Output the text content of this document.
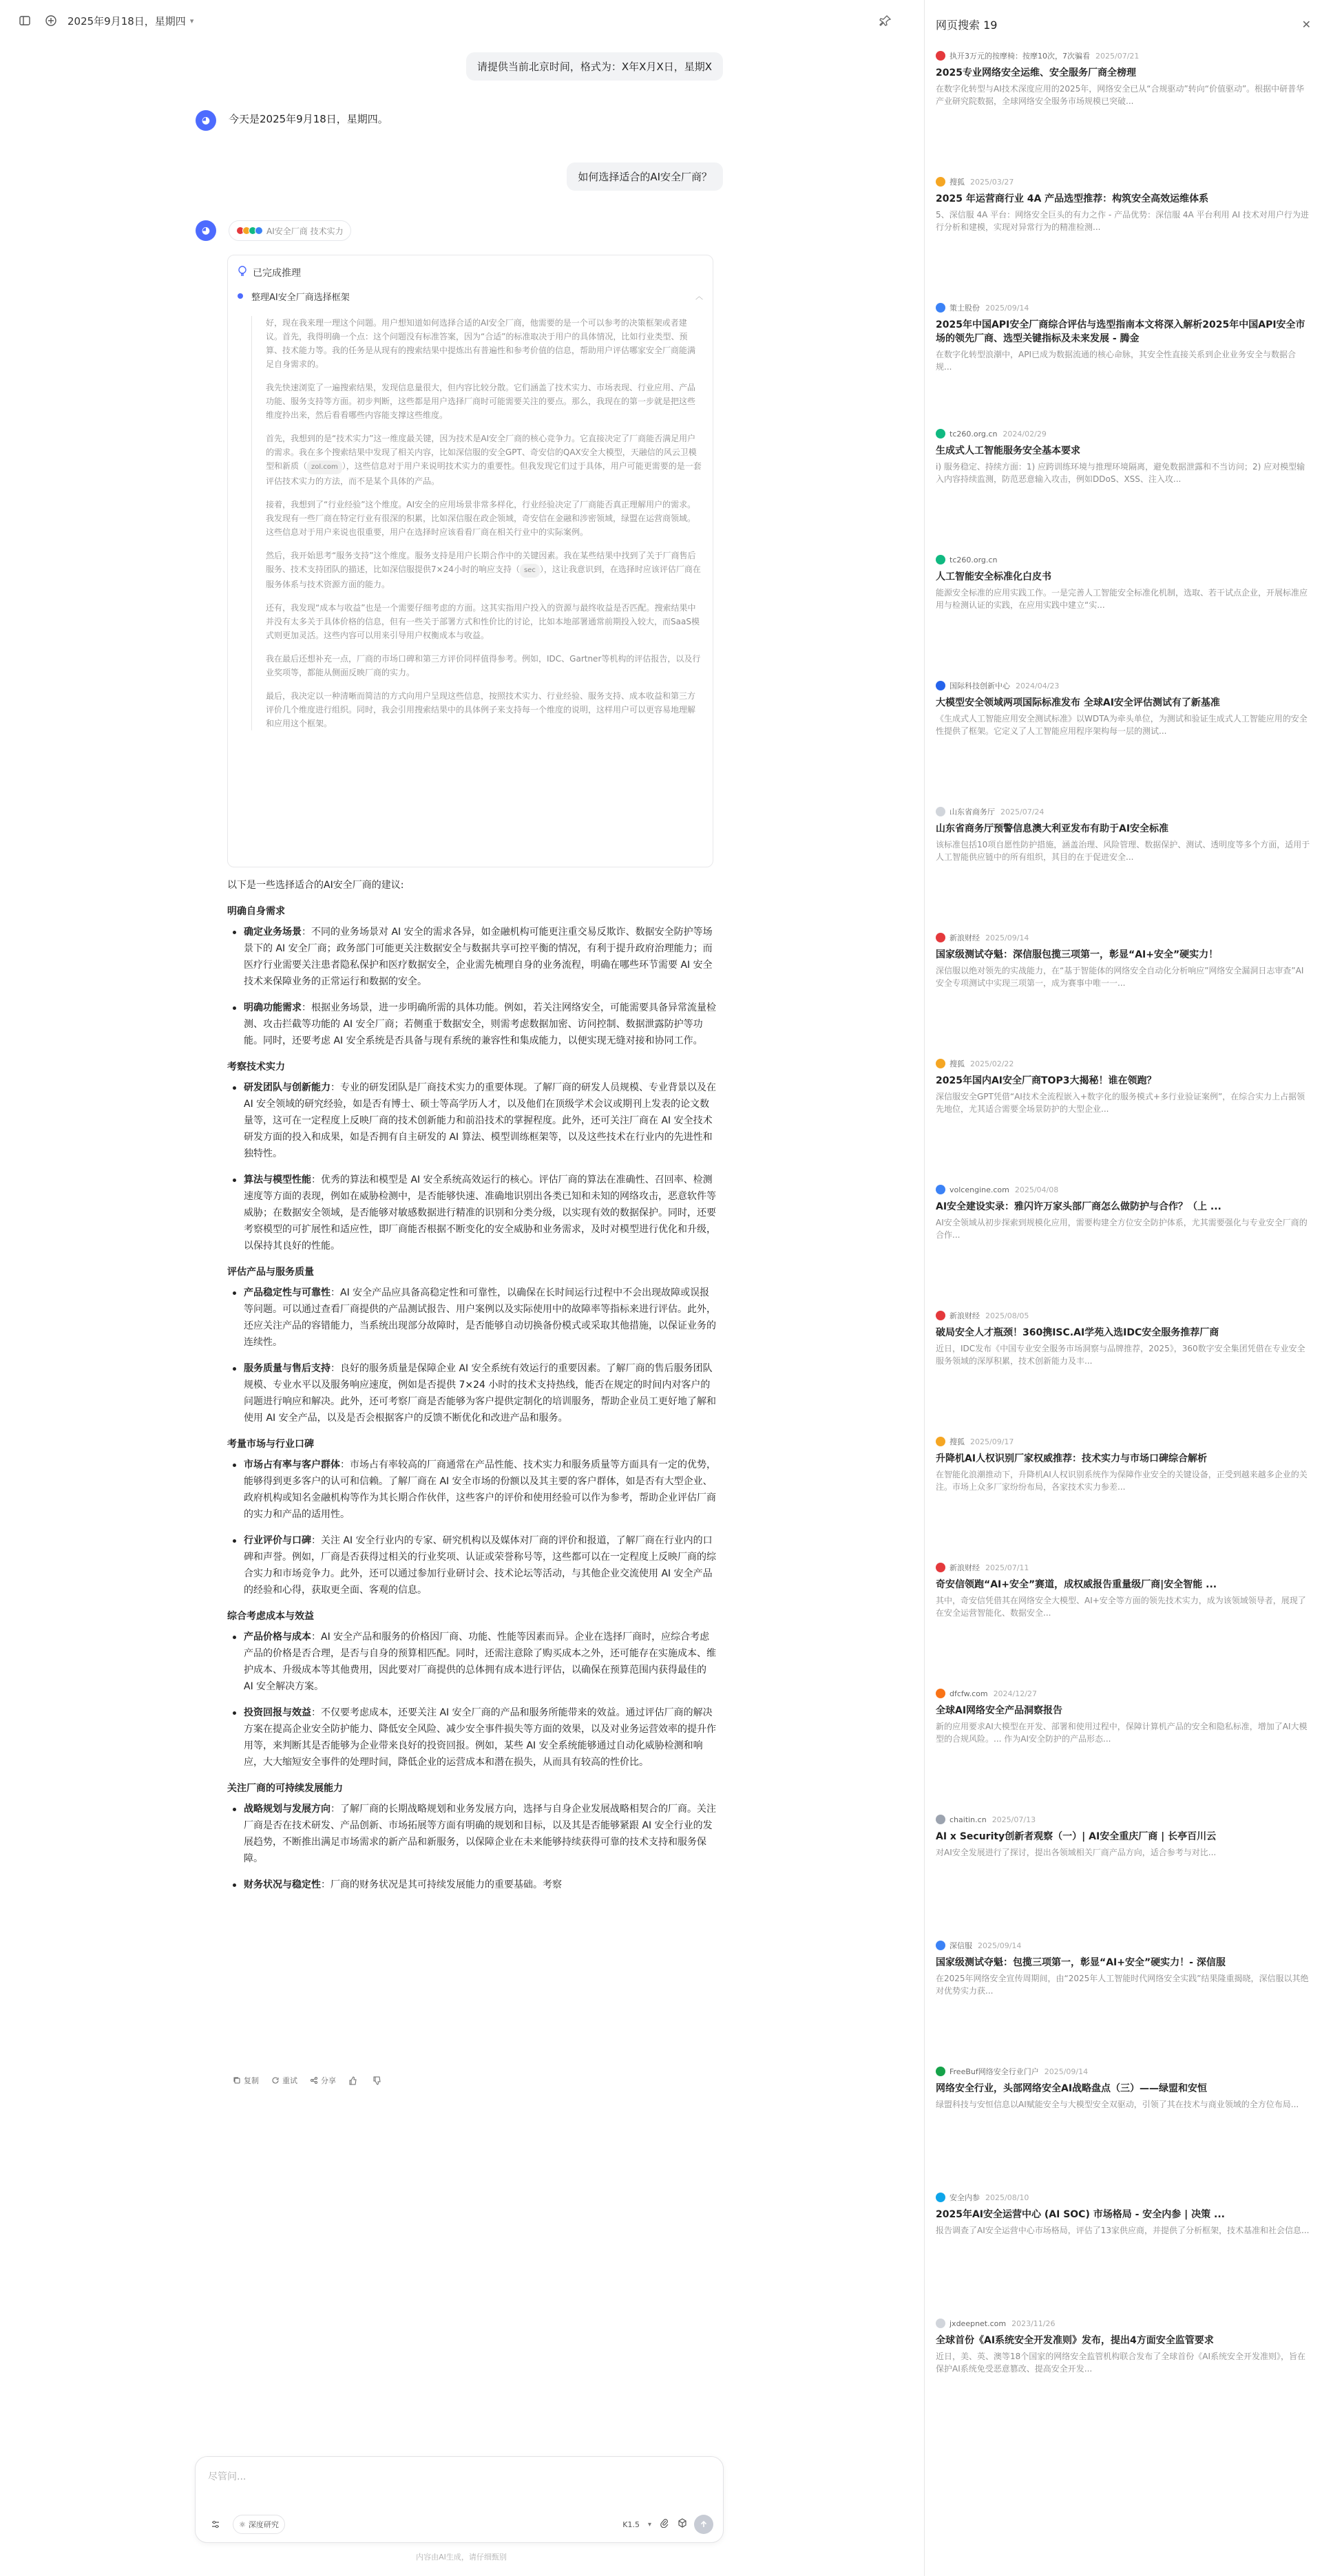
2025年9月18日，星期四 ▾
请提供当前北京时间，格式为：X年X月X日，星期X
◕	今天是2025年9月18日，星期四。
如何选择适合的AI安全厂商？
◕	AI安全厂商 技术实力
已完成推理
整理AI安全厂商选择框架	︿

好，现在我来理一理这个问题。用户想知道如何选择合适的AI安全厂商，他需要的是一个可以参考的决策框架或者建议。首先，我得明确一个点：这个问题没有标准答案，因为“合适”的标准取决于用户的具体情况，比如行业类型、预算、技术能力等。我的任务是从现有的搜索结果中提炼出有普遍性和参考价值的信息，帮助用户评估哪家安全厂商能满足自身需求的。

我先快速浏览了一遍搜索结果，发现信息量很大，但内容比较分散。它们涵盖了技术实力、市场表现、行业应用、产品功能、服务支持等方面。初步判断，这些都是用户选择厂商时可能需要关注的要点。那么，我现在的第一步就是把这些维度拎出来，然后看看哪些内容能支撑这些维度。

首先，我想到的是“技术实力”这一维度最关键，因为技术是AI安全厂商的核心竞争力。它直接决定了厂商能否满足用户的需求。我在多个搜索结果中发现了相关内容，比如深信服的安全GPT、奇安信的QAX安全大模型，天融信的风云卫模型和新质（ zol.com ），这些信息对于用户来说明技术实力的重要性。但我发现它们过于具体，用户可能更需要的是一套评估技术实力的方法，而不是某个具体的产品。

接着，我想到了“行业经验”这个维度。AI安全的应用场景非常多样化，行业经验决定了厂商能否真正理解用户的需求。我发现有一些厂商在特定行业有很深的积累，比如深信服在政企领域，奇安信在金融和涉密领域，绿盟在运营商领域。这些信息对于用户来说也很重要，用户在选择时应该看看厂商在相关行业中的实际案例。

然后，我开始思考“服务支持”这个维度。服务支持是用户长期合作中的关键因素。我在某些结果中找到了关于厂商售后服务、技术支持团队的描述，比如深信服提供7×24小时的响应支持（ sec ），这让我意识到，在选择时应该评估厂商在服务体系与技术资源方面的能力。

还有，我发现“成本与收益”也是一个需要仔细考虑的方面。这其实指用户投入的资源与最终收益是否匹配。搜索结果中并没有太多关于具体价格的信息，但有一些关于部署方式和性价比的讨论，比如本地部署通常前期投入较大，而SaaS模式则更加灵活。这些内容可以用来引导用户权衡成本与收益。

我在最后还想补充一点，厂商的市场口碑和第三方评价同样值得参考。例如，IDC、Gartner等机构的评估报告，以及行业奖项等，都能从侧面反映厂商的实力。

最后，我决定以一种清晰而简洁的方式向用户呈现这些信息，按照技术实力、行业经验、服务支持、成本收益和第三方评价几个维度进行组织。同时，我会引用搜索结果中的具体例子来支持每一个维度的说明，这样用户可以更容易地理解和应用这个框架。

以下是一些选择适合的AI安全厂商的建议:
明确自身需求
确定业务场景：不同的业务场景对 AI 安全的需求各异，如金融机构可能更注重交易反欺诈、数据安全防护等场景下的 AI 安全厂商；政务部门可能更关注数据安全与数据共享可控平衡的情况，有利于提升政府治理能力；而医疗行业需要关注患者隐私保护和医疗数据安全，企业需先梳理自身的业务流程，明确在哪些环节需要 AI 安全技术来保障业务的正常运行和数据的安全。
明确功能需求：根据业务场景，进一步明确所需的具体功能。例如，若关注网络安全，可能需要具备异常流量检测、攻击拦截等功能的 AI 安全厂商；若侧重于数据安全，则需考虑数据加密、访问控制、数据泄露防护等功能。同时，还要考虑 AI 安全系统是否具备与现有系统的兼容性和集成能力，以便实现无缝对接和协同工作。
考察技术实力
研发团队与创新能力：专业的研发团队是厂商技术实力的重要体现。了解厂商的研发人员规模、专业背景以及在 AI 安全领域的研究经验，如是否有博士、硕士等高学历人才，以及他们在顶级学术会议或期刊上发表的论文数量等，这可在一定程度上反映厂商的技术创新能力和前沿技术的掌握程度。此外，还可关注厂商在 AI 安全技术研发方面的投入和成果，如是否拥有自主研发的 AI 算法、模型训练框架等，以及这些技术在行业内的先进性和独特性。
算法与模型性能：优秀的算法和模型是 AI 安全系统高效运行的核心。评估厂商的算法在准确性、召回率、检测速度等方面的表现，例如在威胁检测中，是否能够快速、准确地识别出各类已知和未知的网络攻击，恶意软件等威胁；在数据安全领域，是否能够对敏感数据进行精准的识别和分类分级，以实现有效的数据保护。同时，还要考察模型的可扩展性和适应性，即厂商能否根据不断变化的安全威胁和业务需求，及时对模型进行优化和升级，以保持其良好的性能。
评估产品与服务质量
产品稳定性与可靠性：AI 安全产品应具备高稳定性和可靠性，以确保在长时间运行过程中不会出现故障或误报等问题。可以通过查看厂商提供的产品测试报告、用户案例以及实际使用中的故障率等指标来进行评估。此外，还应关注产品的容错能力，当系统出现部分故障时，是否能够自动切换备份模式或采取其他措施，以保证业务的连续性。
服务质量与售后支持：良好的服务质量是保障企业 AI 安全系统有效运行的重要因素。了解厂商的售后服务团队规模、专业水平以及服务响应速度，例如是否提供 7×24 小时的技术支持热线，能否在规定的时间内对客户的问题进行响应和解决。此外，还可考察厂商是否能够为客户提供定制化的培训服务，帮助企业员工更好地了解和使用 AI 安全产品，以及是否会根据客户的反馈不断优化和改进产品和服务。
考量市场与行业口碑
市场占有率与客户群体：市场占有率较高的厂商通常在产品性能、技术实力和服务质量等方面具有一定的优势，能够得到更多客户的认可和信赖。了解厂商在 AI 安全市场的份额以及其主要的客户群体，如是否有大型企业、政府机构或知名金融机构等作为其长期合作伙伴，这些客户的评价和使用经验可以作为参考，帮助企业评估厂商的实力和产品的适用性。
行业评价与口碑：关注 AI 安全行业内的专家、研究机构以及媒体对厂商的评价和报道，了解厂商在行业内的口碑和声誉。例如，厂商是否获得过相关的行业奖项、认证或荣誉称号等，这些都可以在一定程度上反映厂商的综合实力和市场竞争力。此外，还可以通过参加行业研讨会、技术论坛等活动，与其他企业交流使用 AI 安全产品的经验和心得，获取更全面、客观的信息。
综合考虑成本与效益
产品价格与成本：AI 安全产品和服务的价格因厂商、功能、性能等因素而异。企业在选择厂商时，应综合考虑产品的价格是否合理，是否与自身的预算相匹配。同时，还需注意除了购买成本之外，还可能存在实施成本、维护成本、升级成本等其他费用，因此要对厂商提供的总体拥有成本进行评估，以确保在预算范围内获得最佳的 AI 安全解决方案。
投资回报与效益：不仅要考虑成本，还要关注 AI 安全厂商的产品和服务所能带来的效益。通过评估厂商的解决方案在提高企业安全防护能力、降低安全风险、减少安全事件损失等方面的效果，以及对业务运营效率的提升作用等，来判断其是否能够为企业带来良好的投资回报。例如，某些 AI 安全系统能够通过自动化威胁检测和响应，大大缩短安全事件的处理时间，降低企业的运营成本和潜在损失，从而具有较高的性价比。
关注厂商的可持续发展能力
战略规划与发展方向：了解厂商的长期战略规划和业务发展方向，选择与自身企业发展战略相契合的厂商。关注厂商是否在技术研发、产品创新、市场拓展等方面有明确的规划和目标，以及其是否能够紧跟 AI 安全行业的发展趋势，不断推出满足市场需求的新产品和新服务，以保障企业在未来能够持续获得可靠的技术支持和服务保障。
财务状况与稳定性：厂商的财务状况是其可持续发展能力的重要基础。考察
复制	重试	分享
尽管问...
⚛ 深度研究	K1.5 ▾
内容由AI生成，请仔细甄别
网页搜索 19	✕
执开3万元的按摩椅：按摩10次，7次骗看 2025/07/21
2025专业网络安全运维、安全服务厂商全榜理
在数字化转型与AI技术深度应用的2025年，网络安全已从“合规驱动”转向“价值驱动”。根据中研普华产业研究院数据，全球网络安全服务市场规模已突破...
搜狐 2025/03/27
2025 年运营商行业 4A 产品选型推荐：构筑安全高效运维体系
5、深信服 4A 平台：网络安全巨头的有力之作 - 产品优势：深信服 4A 平台利用 AI 技术对用户行为进行分析和建模，实现对异常行为的精准检测...
策士股份 2025/09/14
2025年中国API安全厂商综合评估与选型指南本文将深入解析2025年中国API安全市场的领先厂商、选型关键指标及未来发展 - 腾金
在数字化转型浪潮中，API已成为数据流通的核心命脉，其安全性直接关系到企业业务安全与数据合规...
tc260.org.cn 2024/02/29
生成式人工智能服务安全基本要求
i) 服务稳定、持续方面：1) 应跨训练环境与推理环境隔离，避免数据泄露和不当访问；2) 应对模型输入内容持续监测，防范恶意输入攻击，例如DDoS、XSS、注入攻...
tc260.org.cn
人工智能安全标准化白皮书
能源安全标准的应用实践工作。一是完善人工智能安全标准化机制，选取、若干试点企业，开展标准应用与检测认证的实践，在应用实践中建立“实...
国际科技创新中心 2024/04/23
大模型安全领域两项国际标准发布 全球AI安全评估测试有了新基准
《生成式人工智能应用安全测试标准》以WDTA为牵头单位，为测试和验证生成式人工智能应用的安全性提供了框架。它定义了人工智能应用程序架构每一层的测试...
山东省商务厅 2025/07/24
山东省商务厅预警信息澳大利亚发布有助于AI安全标准
该标准包括10项自愿性防护措施，涵盖治理、风险管理、数据保护、测试、透明度等多个方面，适用于人工智能供应链中的所有组织，其目的在于促进安全...
新浪财经 2025/09/14
国家级测试夺魁：深信服包揽三项第一，彰显“AI+安全”硬实力！
深信服以绝对领先的实战能力，在“基于智能体的网络安全自动化分析响应”网络安全漏洞日志审查”AI安全专项测试中实现三项第一，成为赛事中唯一一...
搜狐 2025/02/22
2025年国内AI安全厂商TOP3大揭秘！谁在领跑？
深信服安全GPT凭借“AI技术全流程嵌入+数字化的服务模式+多行业验证案例”，在综合实力上占据领先地位，尤其适合需要全场景防护的大型企业...
volcengine.com 2025/04/08
AI安全建设实录：雅闪许万家头部厂商怎么做防护与合作？（上 ...
AI安全领域从初步探索到规模化应用，需要构建全方位安全防护体系，尤其需要强化与专业安全厂商的合作...
新浪财经 2025/08/05
破局安全人才瓶颈！360携ISC.AI学苑入选IDC安全服务推荐厂商
近日，IDC发布《中国专业安全服务市场洞察与品牌推荐，2025》，360数字安全集团凭借在专业安全服务领域的深厚积累，技术创新能力及丰...
搜狐 2025/09/17
升降机AI人权识别厂家权威推荐：技术实力与市场口碑综合解析
在智能化浪潮推动下，升降机AI人权识别系统作为保障作业安全的关键设备，正受到越来越多企业的关注。市场上众多厂家纷纷布局，各家技术实力参差...
新浪财经 2025/07/11
奇安信领跑“AI+安全”赛道，成权威报告重量级厂商|安全智能 ...
其中，奇安信凭借其在网络安全大模型、AI+安全等方面的领先技术实力，成为该领域领导者，展现了在安全运营智能化、数据安全...
dfcfw.com 2024/12/27
全球AI网络安全产品洞察报告
新的应用要求AI大模型在开发、部署和使用过程中，保障计算机产品的安全和隐私标准，增加了AI大模型的合规风险。... 作为AI安全防护的产品形态...
chaitin.cn 2025/07/13
AI x Security创新者观察（一）| AI安全重庆厂商 | 长亭百川云
对AI安全发展进行了探讨，提出各领域相关厂商产品方向，适合参考与对比...
深信服 2025/09/14
国家级测试夺魁：包揽三项第一，彰显“AI+安全”硬实力！- 深信服
在2025年网络安全宣传周期间，由“2025年人工智能时代网络安全实践”结果隆重揭晓，深信服以其绝对优势实力获...
FreeBuf网络安全行业门户 2025/09/14
网络安全行业，头部网络安全AI战略盘点（三）——绿盟和安恒
绿盟科技与安恒信息以AI赋能安全与大模型安全双驱动，引领了其在技术与商业领域的全方位布局...
安全内参 2025/08/10
2025年AI安全运营中心 (AI SOC) 市场格局 - 安全内参 | 决策 ...
报告调查了AI安全运营中心市场格局，评估了13家供应商，并提供了分析框架，技术基准和社会信息...
jxdeepnet.com 2023/11/26
全球首份《AI系统安全开发准则》发布，提出4方面安全监管要求
近日，美、英、澳等18个国家的网络安全监管机构联合发布了全球首份《AI系统安全开发准则》，旨在保护AI系统免受恶意篡改、提高安全开发...
